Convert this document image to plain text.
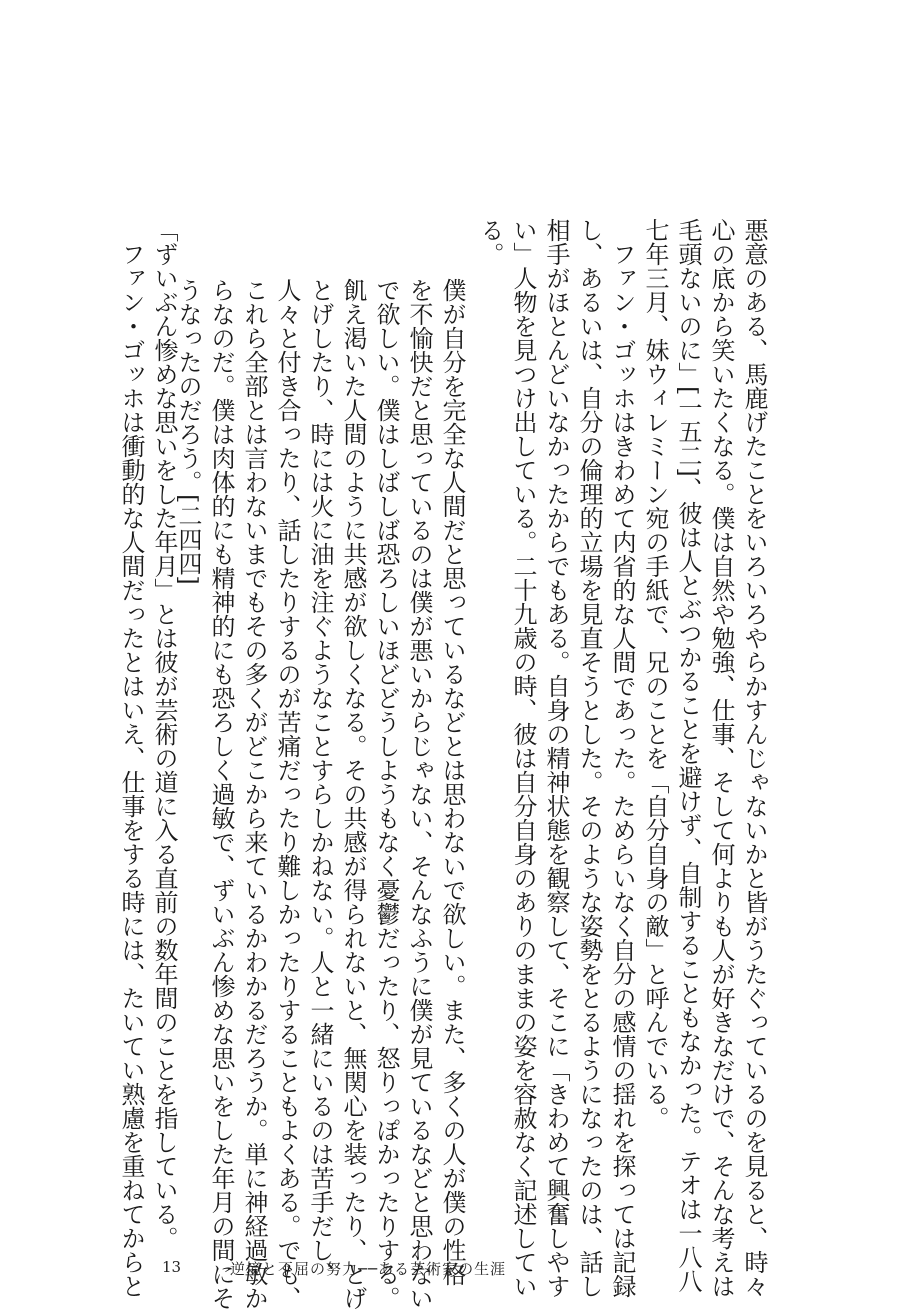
悪意のある、馬鹿げたことをいろいろやらかすんじゃないかと皆がうたぐっているのを見ると、時々
心の底から笑いたくなる。僕は自然や勉強、仕事、そして何よりも人が好きなだけで、そんな考えは
毛頭ないのに」[一五二]、彼は人とぶつかることを避けず、自制することもなかった。テオは一八八
七年三月、妹ウィレミーン宛の手紙で、兄のことを「自分自身の敵」と呼んでいる。
　ファン・ゴッホはきわめて内省的な人間であった。ためらいなく自分の感情の揺れを探っては記録
し、あるいは、自分の倫理的立場を見直そうとした。そのような姿勢をとるようになったのは、話し
相手がほとんどいなかったからでもある。自身の精神状態を観察して、そこに「きわめて興奮しやす
い」人物を見つけ出している。二十九歳の時、彼は自分自身のありのままの姿を容赦なく記述してい
る。
僕が自分を完全な人間だと思っているなどとは思わないで欲しい。また、多くの人が僕の性格
を不愉快だと思っているのは僕が悪いからじゃない、そんなふうに僕が見ているなどと思わない
で欲しい。僕はしばしば恐ろしいほどどうしようもなく憂鬱だったり、怒りっぽかったりする。
飢え渇いた人間のように共感が欲しくなる。その共感が得られないと、無関心を装ったり、とげ
とげしたり、時には火に油を注ぐようなことすらしかねない。人と一緒にいるのは苦手だし、
人々と付き合ったり、話したりするのが苦痛だったり難しかったりすることもよくある。でも、
これら全部とは言わないまでもその多くがどこから来ているかわかるだろうか。単に神経過敏か
らなのだ。僕は肉体的にも精神的にも恐ろしく過敏で、ずいぶん惨めな思いをした年月の間にそ
うなったのだろう。[二四四]
「ずいぶん惨めな思いをした年月」とは彼が芸術の道に入る直前の数年間のことを指している。
　ファン・ゴッホは衝動的な人間だったとはいえ、仕事をする時には、たいてい熟慮を重ねてからと	13	逆境と不屈の努力──ある芸術家の生涯
